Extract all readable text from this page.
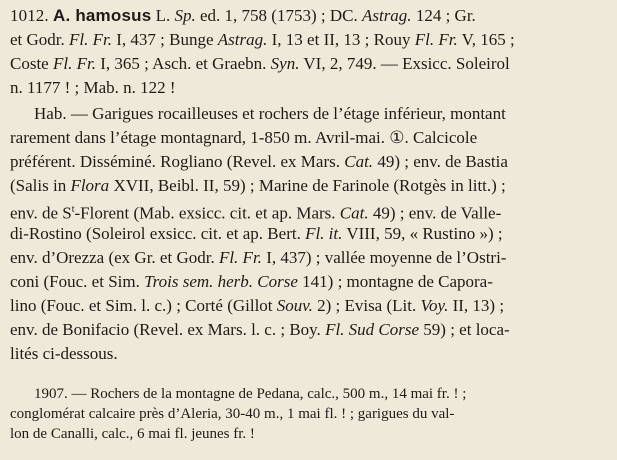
1012. A. hamosus L. Sp. ed. 1, 758 (1753) ; DC. Astrag. 124 ; Gr.
et Godr. Fl. Fr. I, 437 ; Bunge Astrag. I, 13 et II, 13 ; Rouy Fl. Fr. V, 165 ;
Coste Fl. Fr. I, 365 ; Asch. et Graebn. Syn. VI, 2, 749. — Exsicc. Soleirol
n. 1177 ! ; Mab. n. 122 !
Hab. — Garigues rocailleuses et rochers de l’étage inférieur, montant
rarement dans l’étage montagnard, 1-850 m. Avril-mai. ①. Calcicole
préférent. Disséminé. Rogliano (Revel. ex Mars. Cat. 49) ; env. de Bastia
(Salis in Flora XVII, Beibl. II, 59) ; Marine de Farinole (Rotgès in litt.) ;
env. de $S^t$-Florent (Mab. exsicc. cit. et ap. Mars. Cat. 49) ; env. de Valle-
di-Rostino (Soleirol exsicc. cit. et ap. Bert. Fl. it. VIII, 59, « Rustino ») ;
env. d’Orezza (ex Gr. et Godr. Fl. Fr. I, 437) ; vallée moyenne de l’Ostri-
coni (Fouc. et Sim. Trois sem. herb. Corse 141) ; montagne de Capora-
lino (Fouc. et Sim. l. c.) ; Corté (Gillot Souv. 2) ; Evisa (Lit. Voy. II, 13) ;
env. de Bonifacio (Revel. ex Mars. l. c. ; Boy. Fl. Sud Corse 59) ; et loca-
lités ci-dessous.
1907. — Rochers de la montagne de Pedana, calc., 500 m., 14 mai fr. ! ;
conglomérat calcaire près d’Aleria, 30-40 m., 1 mai fl. ! ; garigues du val-
lon de Canalli, calc., 6 mai fl. jeunes fr. !
